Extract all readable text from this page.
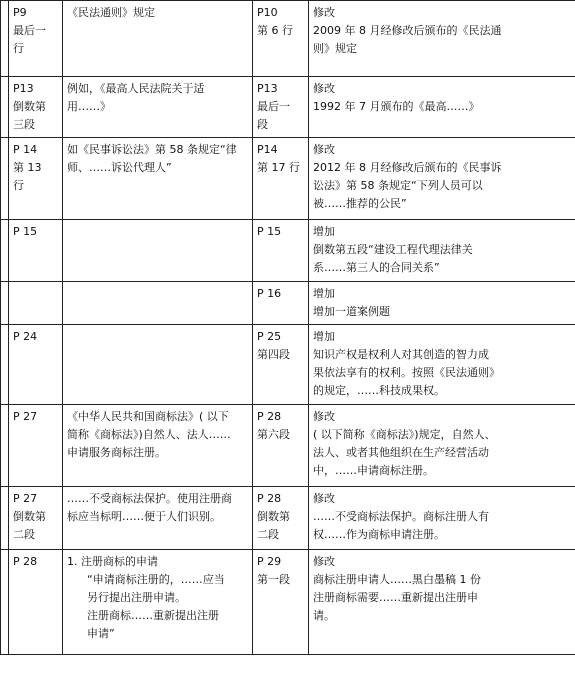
	P9
最后一
行	《民法通则》规定	P10
第 6 行	修改
2009 年 8 月经修改后颁布的《民法通
则》规定

	P13
倒数第
三段	例如，《最高人民法院关于适
用……》	P13
最后一
段	修改
1992 年 7 月颁布的《最高……》

	P 14
第 13
行	如《民事诉讼法》第 58 条规定“律
师、……诉讼代理人”	P14
第 17 行	修改
2012 年 8 月经修改后颁布的《民事诉
讼法》第 58 条规定“下列人员可以
被……推荐的公民”

	P 15		P 15	增加
倒数第五段“建设工程代理法律关
系……第三人的合同关系”

			P 16	增加
增加一道案例题

	P 24		P 25
第四段	增加
知识产权是权利人对其创造的智力成
果依法享有的权利。按照《民法通则》
的规定，……科技成果权。

	P 27	《中华人民共和国商标法》( 以下
简称《商标法》)自然人、法人……
申请服务商标注册。	P 28
第六段	修改
( 以下简称《商标法》)规定，自然人、
法人、或者其他组织在生产经营活动
中，……申请商标注册。

	P 27
倒数第
二段	……不受商标法保护。使用注册商
标应当标明……便于人们识别。	P 28
倒数第
二段	修改
……不受商标法保护。商标注册人有
权……作为商标申请注册。

	P 28	1. 注册商标的申请
“申请商标注册的，……应当
另行提出注册申请。
注册商标……重新提出注册
申请”	P 29
第一段	修改
商标注册申请人……黑白墨稿 1 份
注册商标需要……重新提出注册申
请。
